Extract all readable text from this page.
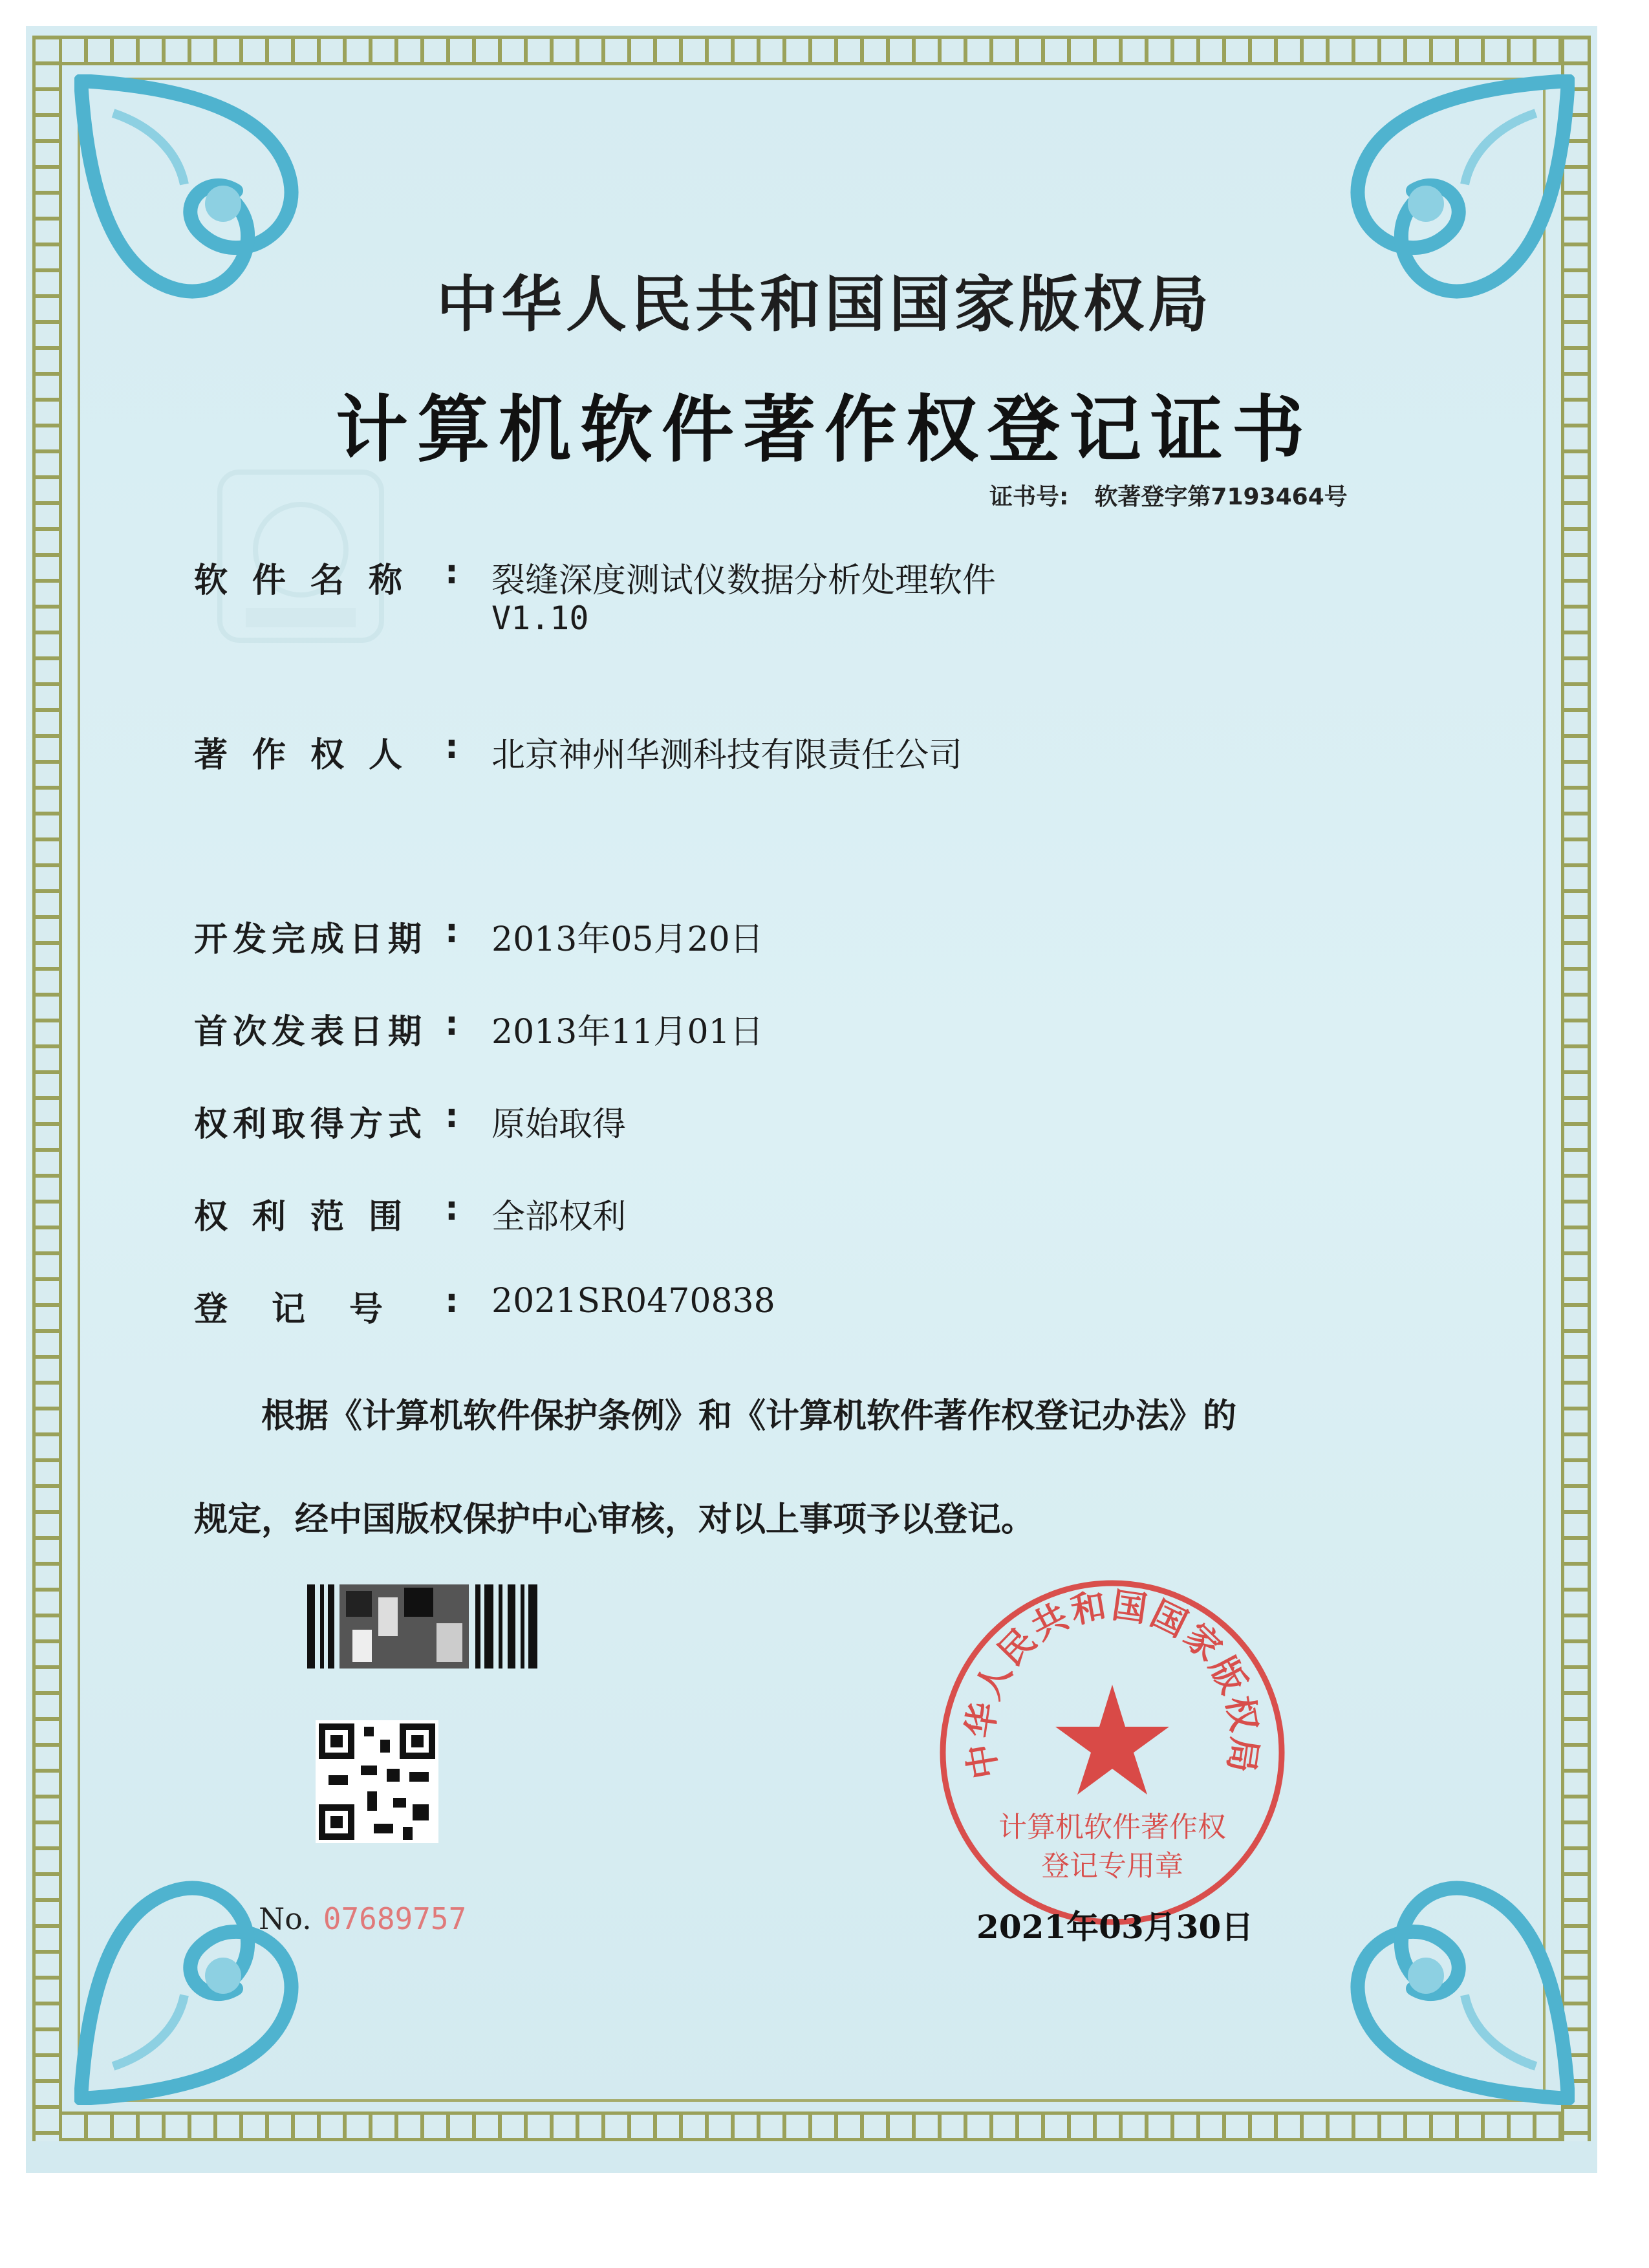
中华人民共和国国家版权局
计算机软件著作权登记证书
证书号: 软著登字第7193464号
软 件 名 称 : 裂缝深度测试仪数据分析处理软件
V1.10
著 作 权 人 : 北京神州华测科技有限责任公司
开 发 完 成 日 期 : 2013年05月20日
首 次 发 表 日 期 : 2013年11月01日
权 利 取 得 方 式 : 原始取得
权 利 范 围 : 全部权利
登 记 号 : 2021SR0470838
根据《计算机软件保护条例》和《计算机软件著作权登记办法》的
规定，经中国版权保护中心审核，对以上事项予以登记。
No. 07689757
中华人民共和国国家版权局
计算机软件著作权
登记专用章
2021年03月30日
